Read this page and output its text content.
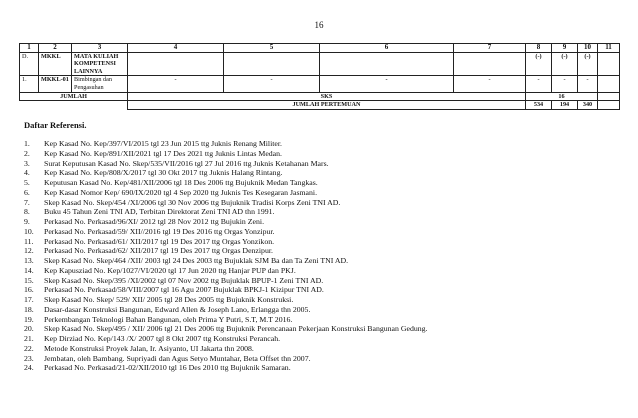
16
1	2	3	4	5	6	7	8	9	10	11
D.	MKKL	MATA KULIAH KOMPETENSI LAINNYA					(-)	(-)	(-)	
1.	MKKL-01	Bimbingan dan Pengasuhan	-	-	-	-	-	-	-	
JUMLAH			SKS				16			
			JUMLAH PERTEMUAN				534	194	340	
Daftar Referensi.
1. Kep Kasad No. Kep/397/VI/2015 tgl 23 Jun 2015 ttg Juknis Renang Militer.
2. Kep Kasad No. Kep/891/XII/2021 tgl 17 Des 2021 ttg Juknis Lintas Medan.
3. Surat Keputusan Kasad No. Skep/535/VII/2016 tgl 27 Jul 2016 ttg Juknis Ketahanan Mars.
4. Kep Kasad No. Kep/808/X/2017 tgl 30 Okt 2017 ttg Juknis Halang Rintang.
5. Keputusan Kasad No. Kep/481/XII/2006 tgl 18 Des 2006 ttg Bujuknik Medan Tangkas.
6. Kep Kasad Nomor Kep/ 690/IX/2020 tgl 4 Sep 2020 ttg Juknis Tes Kesegaran Jasmani.
7. Skep Kasad No. Skep/454 /XI/2006 tgl 30 Nov 2006 ttg Bujuknik Tradisi Korps Zeni TNI AD.
8. Buku 45 Tahun Zeni TNI AD, Terbitan Direktorat Zeni TNI AD thn 1991.
9. Perkasad No. Perkasad/96/XI/ 2012 tgl 28 Nov 2012 ttg Bujukin Zeni.
10. Perkasad No. Perkasad/59/ XII//2016 tgl 19 Des 2016 ttg Orgas Yonzipur.
11. Perkasad No. Perkasad/61/ XII/2017 tgl 19 Des 2017 ttg Orgas Yonzikon.
12. Perkasad No. Perkasad/62/ XII/2017 tgl 19 Des 2017 ttg Orgas Denzipur.
13. Skep Kasad No. Skep/464 /XII/ 2003 tgl 24 Des 2003 ttg Bujuklak SJM Ba dan Ta Zeni TNI AD.
14. Kep Kapusziad No. Kep/1027/VI/2020 tgl 17 Jun 2020 ttg Hanjar PUP dan PKJ.
15. Skep Kasad No. Skep/395 /XI/2002 tgl 07 Nov 2002 ttg Bujuklak BPUP-1 Zeni TNI AD.
16. Perkasad No. Perkasad/58/VIII/2007 tgl 16 Agu 2007 Bujuklak BPKJ-1 Kizipur TNI AD.
17. Skep Kasad No. Skep/ 529/ XII/ 2005 tgl 28 Des 2005 ttg Bujuknik Konstruksi.
18. Dasar-dasar Konstruksi Bangunan, Edward Allen & Joseph Lano, Erlangga thn 2005.
19. Perkembangan Teknologi Bahan Bangunan, oleh Prima Y Putri, S.T, M.T 2016.
20. Skep Kasad No. Skep/495 / XII/ 2006 tgl 21 Des 2006 ttg Bujuknik Perencanaan Pekerjaan Konstruksi Bangunan Gedung.
21. Kep Dirziad No. Kep/143 /X/ 2007 tgl 8 Okt 2007 ttg Konstruksi Perancah.
22. Metode Konstruksi Proyek Jalan, Ir. Asiyanto, UI Jakarta thn 2008.
23. Jembatan, oleh Bambang. Supriyadi dan Agus Setyo Muntahar, Beta Offset thn 2007.
24. Perkasad No. Perkasad/21-02/XII/2010 tgl 16 Des 2010 ttg Bujuknik Samaran.
